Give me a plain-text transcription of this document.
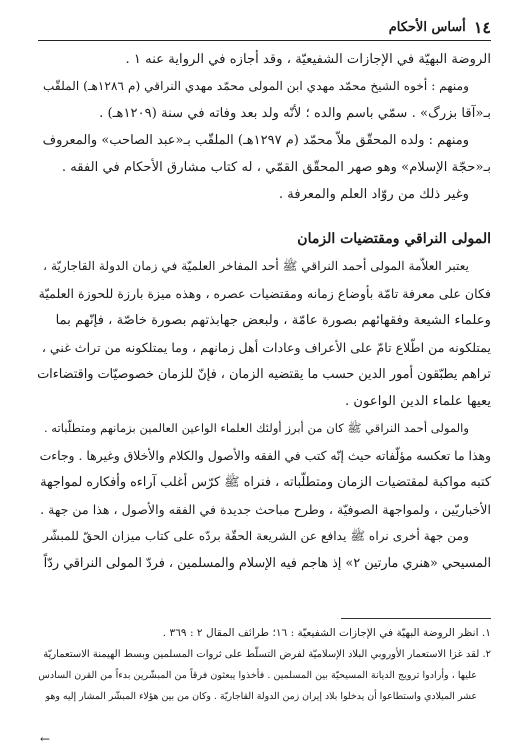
١٤
أساس الأحكام

الروضة البهيّة في الإجازات الشفيعيّة ، وقد أجازه في الرواية عنه ١ .

ومنهم : أخوه الشيخ محمّد مهدي ابن المولى محمّد مهدي النراقي (م ١٢٨٦هـ) الملقّب

بـ«آقا بزرگ» . سمّي باسم والده ؛ لأنّه ولد بعد وفاته في سنة (١٢٠٩هـ) .

ومنهم : ولده المحقّق ملاّ محمّد (م ١٢٩٧هـ) الملقّب بـ«عبد الصاحب» والمعروف

بـ«حجّة الإسلام» وهو صهر المحقّق القمّي ، له كتاب مشارق الأحكام في الفقه .

وغير ذلك من روّاد العلم والمعرفة .

المولى النراقي ومقتضيات الزمان

يعتبر العلاّمة المولى أحمد النراقي ﷺ أحد المفاخر العلميّة في زمان الدولة القاجاريّة ،

فكان على معرفة تامّة بأوضاع زمانه ومقتضيات عصره ، وهذه ميزة بارزة للحوزة العلميّة

وعلماء الشيعة وفقهائهم بصورة عامّة ، ولبعض جهابذتهم بصورة خاصّة ، فإنّهم بما

يمتلكونه من اطّلاع تامّ على الأعراف وعادات أهل زمانهم ، وما يمتلكونه من تراث غني ،

تراهم يطبّقون أمور الدين حسب ما يقتضيه الزمان ، فإنّ للزمان خصوصيّات واقتضاءات

يعيها علماء الدين الواعون .

والمولى أحمد النراقي ﷺ كان من أبرز أولئك العلماء الواعين العالمين بزمانهم ومتطلّباته .

وهذا ما تعكسه مؤلّفاته حيث إنّه كتب في الفقه والأصول والكلام والأخلاق وغيرها . وجاءت

كتبه مواكبة لمقتضيات الزمان ومتطلّباته ، فنراه ﷺ كرّس أغلب آراءه وأفكاره لمواجهة

الأخباريّين ، ولمواجهة الصوفيّة ، وطرح مباحث جديدة في الفقه والأصول ، هذا من جهة .

ومن جهة أخرى نراه ﷺ يدافع عن الشريعة الحقّة بردّه على كتاب ميزان الحقّ للمبشّر

المسيحي «هنري مارتين ٢» إذ هاجم فيه الإسلام والمسلمين ، فردّ المولى النراقي ردّاً

١. انظر الروضة البهيّة في الإجازات الشفيعيّة : ١٦؛ طرائف المقال ٢ : ٣٦٩ .

٢. لقد غزا الاستعمار الأوروبي البلاد الإسلاميّة لفرض التسلّط على ثروات المسلمين وبسط الهيمنة الاستعماريّة

عليها ، وأرادوا ترويج الديانة المسيحيّة بين المسلمين . فأخذوا يبعثون فرقاً من المبشّرين بدءاً من القرن السادس

عشر الميلادي واستطاعوا أن يدخلوا بلاد إيران زمن الدولة القاجاريّة . وكان من بين هؤلاء المبشّر المشار إليه وهو

←
